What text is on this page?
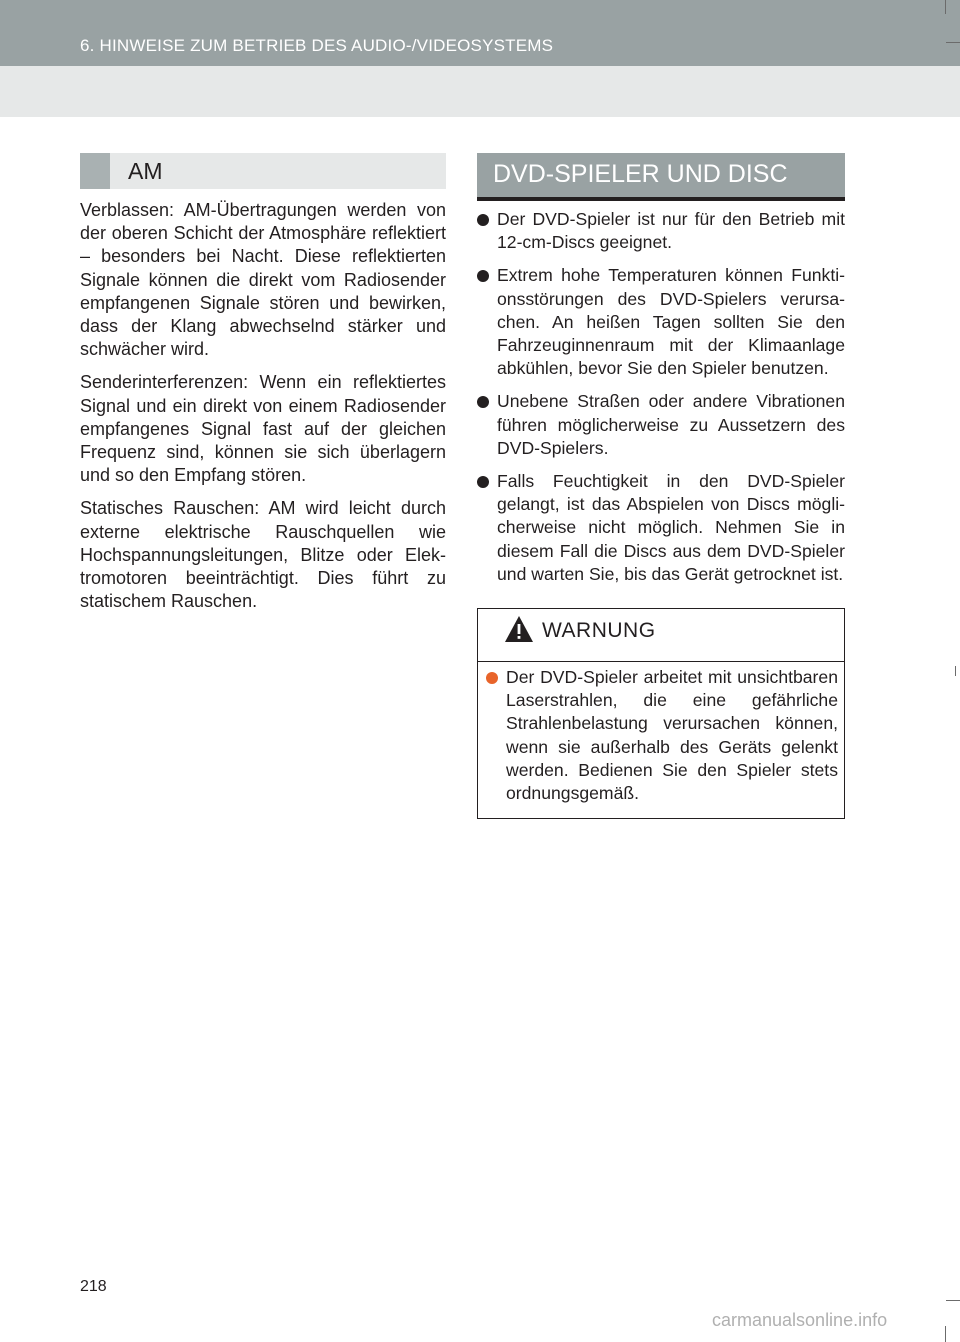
6. HINWEISE ZUM BETRIEB DES AUDIO-/VIDEOSYSTEMS
AM

Verblassen: AM-Übertragungen werden von der oberen Schicht der Atmosphäre reflektiert – besonders bei Nacht. Diese reflektierten Signale können die direkt vom Radiosender empfangenen Signale stören und bewirken, dass der Klang abwechselnd stärker und schwächer wird.

Senderinterferenzen: Wenn ein reflektiertes Signal und ein direkt von einem Radiosender empfangenes Signal fast auf der gleichen Frequenz sind, können sie sich überlagern und so den Empfang stören.

Statisches Rauschen: AM wird leicht durch externe elektrische Rauschquellen wie Hochspannungsleitungen, Blitze oder Elektromotoren beeinträchtigt. Dies führt zu statischem Rauschen.

DVD-SPIELER UND DISC
Der DVD-Spieler ist nur für den Betrieb mit 12-cm-Discs geeignet.
Extrem hohe Temperaturen können Funktionsstörungen des DVD-Spielers verursachen. An heißen Tagen sollten Sie den Fahrzeuginnenraum mit der Klimaanlage abkühlen, bevor Sie den Spieler benutzen.
Unebene Straßen oder andere Vibrationen führen möglicherweise zu Aussetzern des DVD-Spielers.
Falls Feuchtigkeit in den DVD-Spieler gelangt, ist das Abspielen von Discs möglicherweise nicht möglich. Nehmen Sie in diesem Fall die Discs aus dem DVD-Spieler und warten Sie, bis das Gerät getrocknet ist.
WARNUNG
Der DVD-Spieler arbeitet mit unsichtbaren Laserstrahlen, die eine gefährliche Strahlenbelastung verursachen können, wenn sie außerhalb des Geräts gelenkt werden. Bedienen Sie den Spieler stets ordnungsgemäß.
218
carmanualsonline.info
